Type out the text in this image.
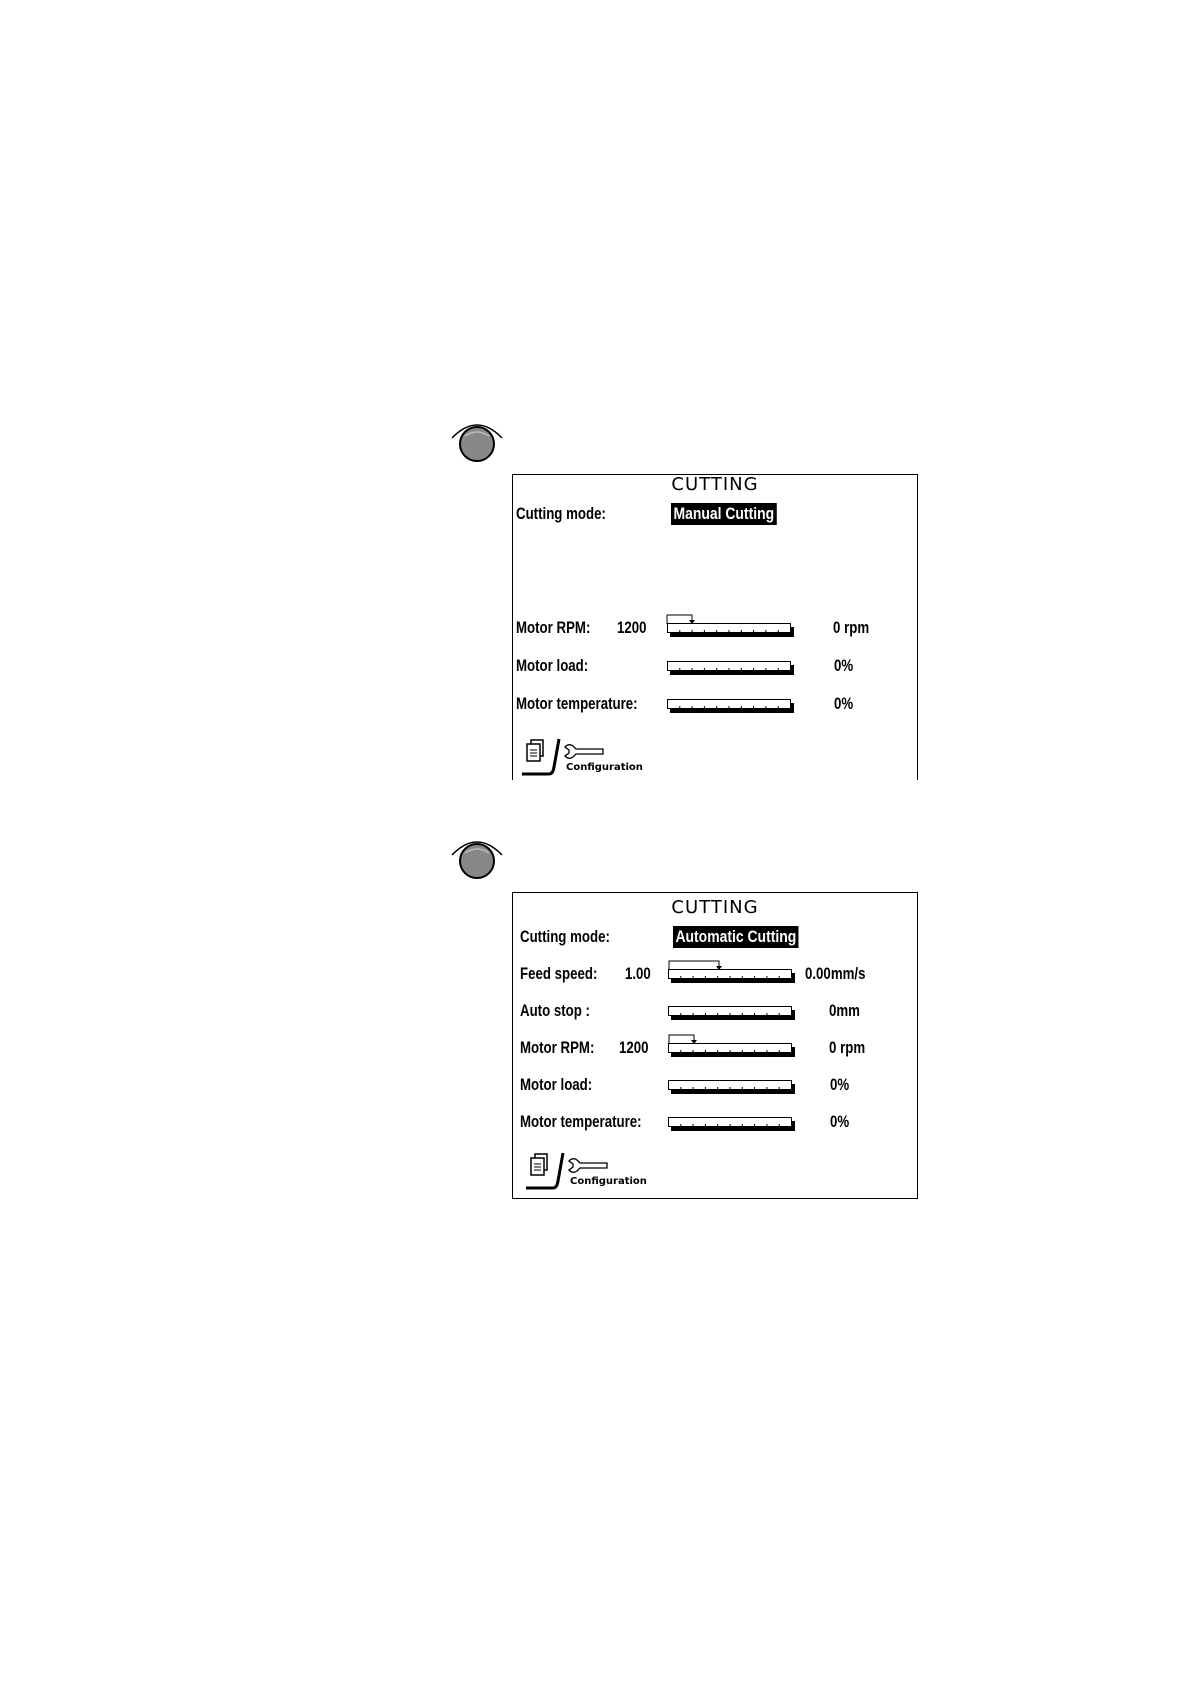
CUTTING
Cutting mode:	Manual Cutting
Motor RPM: 1200	0 rpm
Motor load:	0%
Motor temperature:	0%
Configuration
CUTTING
Cutting mode:	Automatic Cutting
Feed speed: 1.00	0.00mm/s
Auto stop :	0mm
Motor RPM: 1200	0 rpm
Motor load:	0%
Motor temperature:	0%
Configuration
